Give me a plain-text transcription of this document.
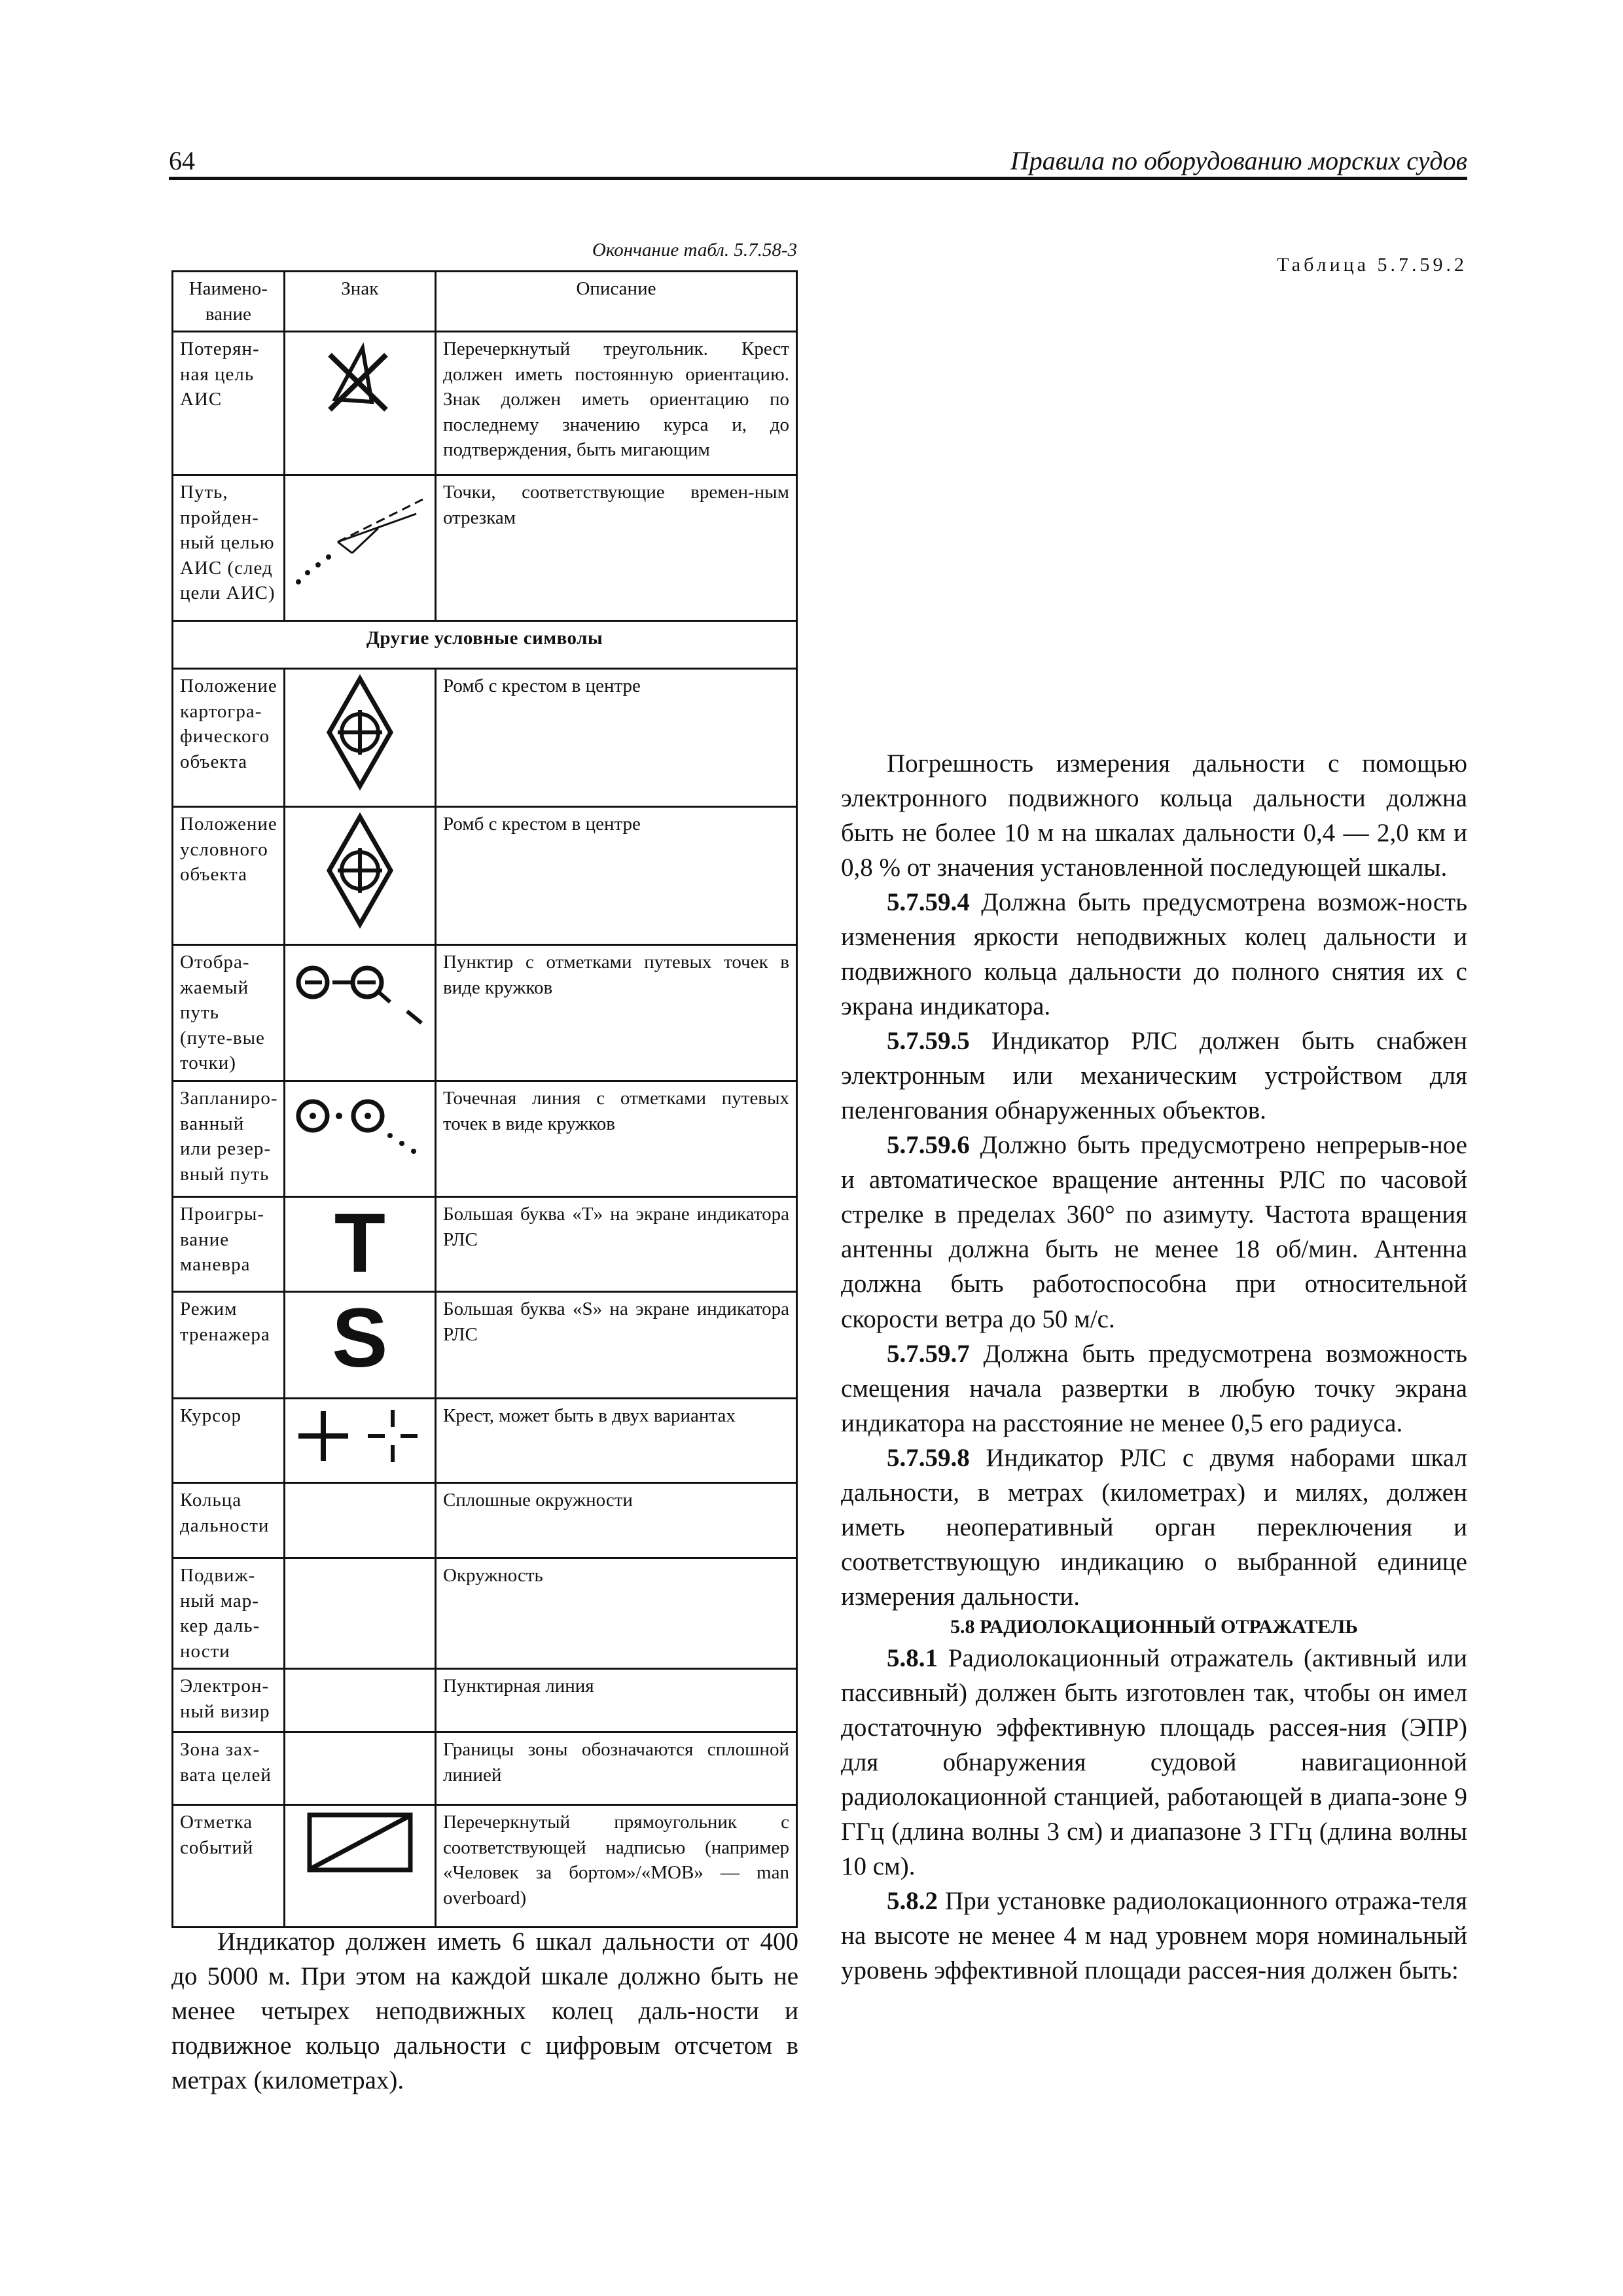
64	Правила по оборудованию морских судов
Окончание табл. 5.7.58-3
Наимено-вание	Знак	Описание
Потерян-ная цель АИС		Перечеркнутый треугольник. Крест должен иметь постоянную ориентацию. Знак должен иметь ориентацию по последнему значению курса и, до подтверждения, быть мигающим
Путь, пройден-ный целью АИС (след цели АИС)		Точки, соответствующие времен-ным отрезкам
Другие условные символы		
Положение картогра-фического объекта		Ромб с крестом в центре
Положение условного объекта		Ромб с крестом в центре
Отобра-жаемый путь (путе-вые точки)		Пунктир с отметками путевых точек в виде кружков
Запланиро-ванный или резер-вный путь		Точечная линия с отметками путевых точек в виде кружков
Проигры-вание маневра	T	Большая буква «T» на экране индикатора РЛС
Режим тренажера	S	Большая буква «S» на экране индикатора РЛС
Курсор		Крест, может быть в двух вариантах
Кольца дальности		Сплошные окружности
Подвиж-ный мар-кер даль-ности		Окружность
Электрон-ный визир		Пунктирная линия
Зона зах-вата целей		Границы зоны обозначаются сплошной линией
Отметка событий		Перечеркнутый прямоугольник с соответствующей надписью (например «Человек за бортом»/«МОВ» — man overboard)

Индикатор должен иметь 6 шкал дальности от 400 до 5000 м. При этом на каждой шкале должно быть не менее четырех неподвижных колец даль-ности и подвижное кольцо дальности с цифровым отсчетом в метрах (километрах).

Таблица 5.7.59.2

Погрешность измерения дальности с помощью электронного подвижного кольца дальности должна быть не более 10 м на шкалах дальности 0,4 — 2,0 км и 0,8 % от значения установленной последующей шкалы.

5.7.59.4 Должна быть предусмотрена возмож-ность изменения яркости неподвижных колец дальности и подвижного кольца дальности до полного снятия их с экрана индикатора.

5.7.59.5 Индикатор РЛС должен быть снабжен электронным или механическим устройством для пеленгования обнаруженных объектов.

5.7.59.6 Должно быть предусмотрено непрерыв-ное и автоматическое вращение антенны РЛС по часовой стрелке в пределах 360° по азимуту. Частота вращения антенны должна быть не менее 18 об/мин. Антенна должна быть работоспособна при относительной скорости ветра до 50 м/с.

5.7.59.7 Должна быть предусмотрена возможность смещения начала развертки в любую точку экрана индикатора на расстояние не менее 0,5 его радиуса.

5.7.59.8 Индикатор РЛС с двумя наборами шкал дальности, в метрах (километрах) и милях, должен иметь неоперативный орган переключения и соответствующую индикацию о выбранной единице измерения дальности.

5.8 РАДИОЛОКАЦИОННЫЙ ОТРАЖАТЕЛЬ

5.8.1 Радиолокационный отражатель (активный или пассивный) должен быть изготовлен так, чтобы он имел достаточную эффективную площадь рассея-ния (ЭПР) для обнаружения судовой навигационной радиолокационной станцией, работающей в диапа-зоне 9 ГГц (длина волны 3 см) и диапазоне 3 ГГц (длина волны 10 см).

5.8.2 При установке радиолокационного отража-теля на высоте не менее 4 м над уровнем моря номинальный уровень эффективной площади рассея-ния должен быть:
